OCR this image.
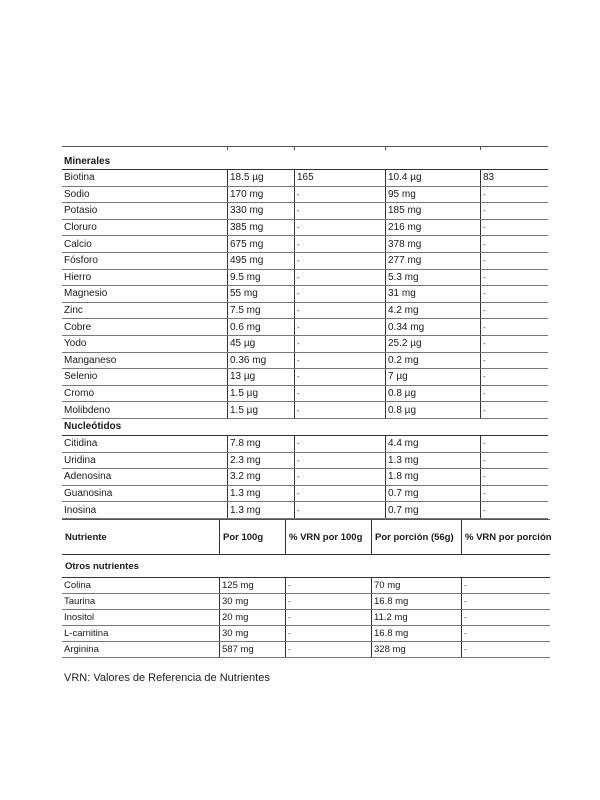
Minerales
Biotina	18.5 µg	165	10.4 µg	83
Sodio	170 mg	-	95 mg	-
Potasio	330 mg	-	185 mg	-
Cloruro	385 mg	-	216 mg	-
Calcio	675 mg	-	378 mg	-
Fósforo	495 mg	-	277 mg	-
Hierro	9.5 mg	-	5.3 mg	-
Magnesio	55 mg	-	31 mg	-
Zinc	7.5 mg	-	4.2 mg	-
Cobre	0.6 mg	-	0.34 mg	-
Yodo	45 µg	-	25.2 µg	-
Manganeso	0.36 mg	-	0.2 mg	-
Selenio	13 µg	-	7 µg	-
Cromo	1.5 µg	-	0.8 µg	-
Molibdeno	1.5 µg	-	0.8 µg	-
Nucleótidos
Citidina	7.8 mg	-	4.4 mg	-
Uridina	2.3 mg	-	1.3 mg	-
Adenosina	3.2 mg	-	1.8 mg	-
Guanosina	1.3 mg	-	0.7 mg	-
Inosina	1.3 mg	-	0.7 mg	-
Nutriente	Por 100g	% VRN por 100g	Por porción (56g)	% VRN por porción
Otros nutrientes
Colina	125 mg	-	70 mg	-
Taurina	30 mg	-	16.8 mg	-
Inositol	20 mg	-	11.2 mg	-
L-carnitina	30 mg	-	16.8 mg	-
Arginina	587 mg	-	328 mg	-
VRN: Valores de Referencia de Nutrientes
